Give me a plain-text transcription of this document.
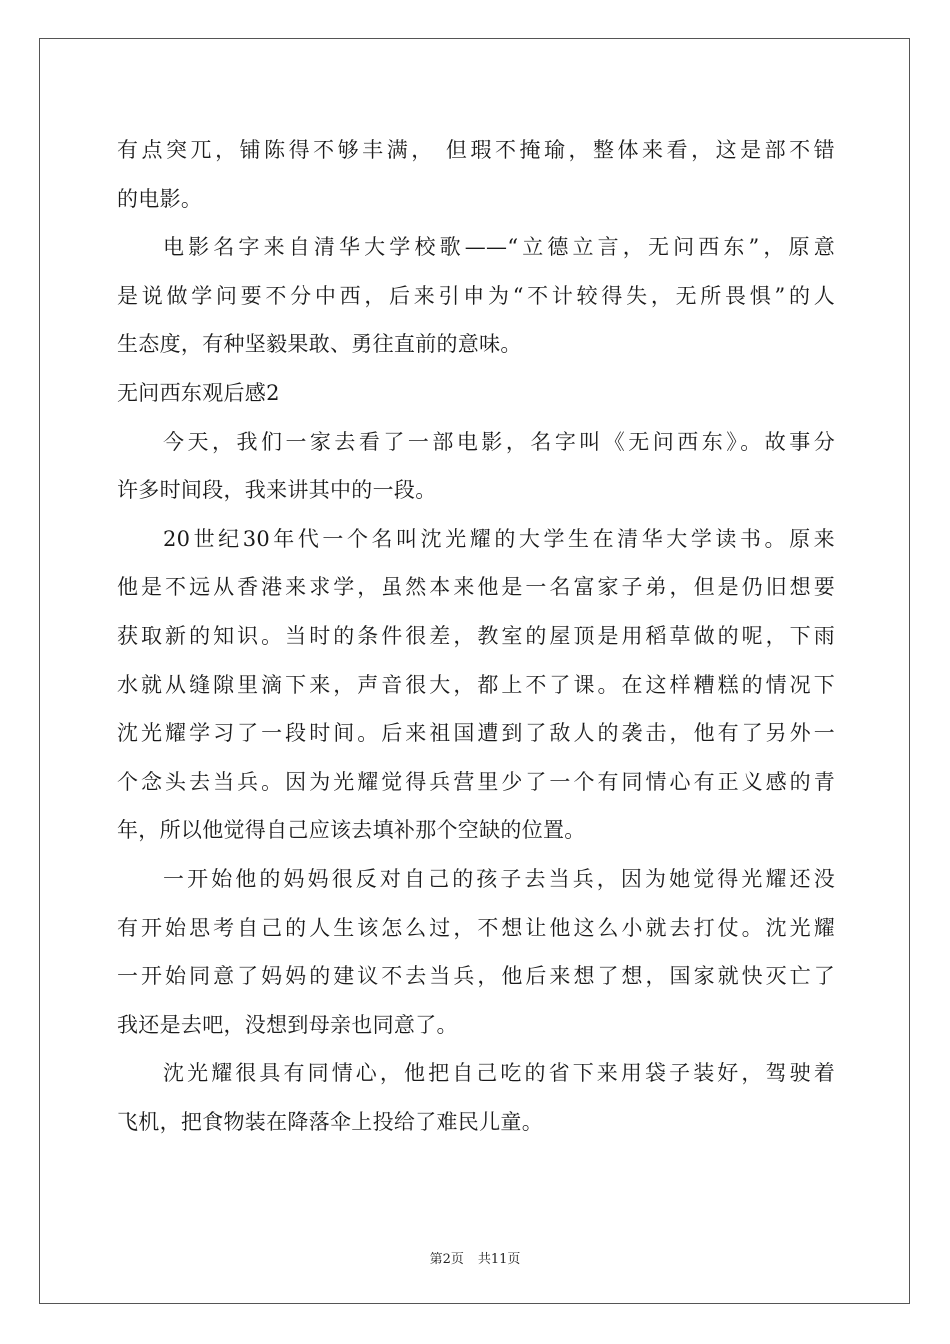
有点突兀，铺陈得不够丰满， 但瑕不掩瑜，整体来看，这是部不错
的电影。
电影名字来自清华大学校歌——“立德立言，无问西东”，原意
是说做学问要不分中西，后来引申为“不计较得失，无所畏惧”的人
生态度，有种坚毅果敢、勇往直前的意味。
无问西东观后感2
今天，我们一家去看了一部电影，名字叫《无问西东》。故事分
许多时间段，我来讲其中的一段。
20世纪30年代一个名叫沈光耀的大学生在清华大学读书。原来
他是不远从香港来求学，虽然本来他是一名富家子弟，但是仍旧想要
获取新的知识。当时的条件很差，教室的屋顶是用稻草做的呢，下雨
水就从缝隙里滴下来，声音很大，都上不了课。在这样糟糕的情况下
沈光耀学习了一段时间。后来祖国遭到了敌人的袭击，他有了另外一
个念头去当兵。因为光耀觉得兵营里少了一个有同情心有正义感的青
年，所以他觉得自己应该去填补那个空缺的位置。
一开始他的妈妈很反对自己的孩子去当兵，因为她觉得光耀还没
有开始思考自己的人生该怎么过，不想让他这么小就去打仗。沈光耀
一开始同意了妈妈的建议不去当兵，他后来想了想，国家就快灭亡了
我还是去吧，没想到母亲也同意了。
沈光耀很具有同情心，他把自己吃的省下来用袋子装好，驾驶着
飞机，把食物装在降落伞上投给了难民儿童。
第2页 共11页
